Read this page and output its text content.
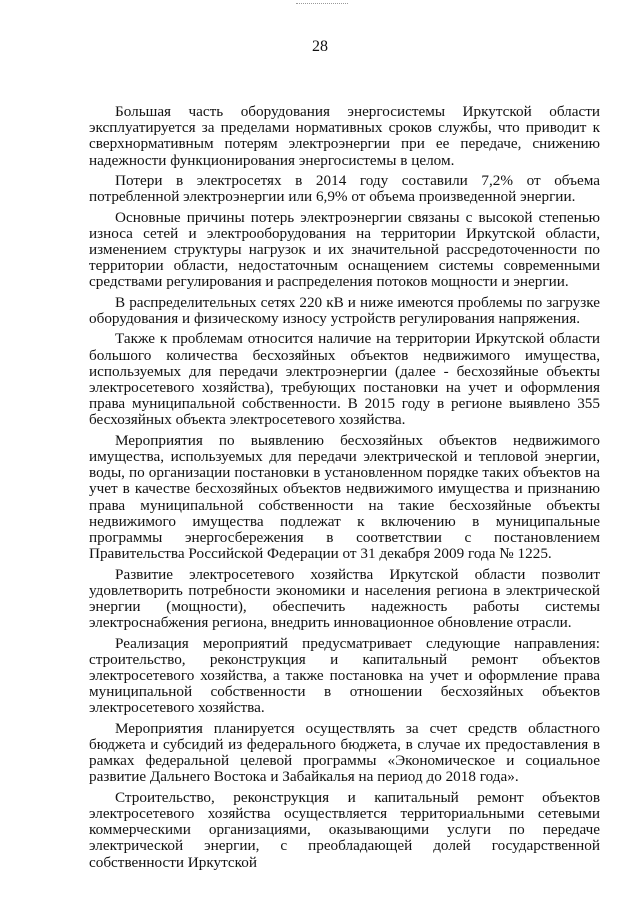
28

Большая часть оборудования энергосистемы Иркутской области эксплуатируется за пределами нормативных сроков службы, что приводит к сверхнормативным потерям электроэнергии при ее передаче, снижению надежности функционирования энергосистемы в целом.

Потери в электросетях в 2014 году составили 7,2% от объема потребленной электроэнергии или 6,9% от объема произведенной энергии.

Основные причины потерь электроэнергии связаны с высокой степенью износа сетей и электрооборудования на территории Иркутской области, изменением структуры нагрузок и их значительной рассредоточенности по территории области, недостаточным оснащением системы современными средствами регулирования и распределения потоков мощности и энергии.

В распределительных сетях 220 кВ и ниже имеются проблемы по загрузке оборудования и физическому износу устройств регулирования напряжения.

Также к проблемам относится наличие на территории Иркутской области большого количества бесхозяйных объектов недвижимого имущества, используемых для передачи электроэнергии (далее - бесхозяйные объекты электросетевого хозяйства), требующих постановки на учет и оформления права муниципальной собственности. В 2015 году в регионе выявлено 355 бесхозяйных объекта электросетевого хозяйства.

Мероприятия по выявлению бесхозяйных объектов недвижимого имущества, используемых для передачи электрической и тепловой энергии, воды, по организации постановки в установленном порядке таких объектов на учет в качестве бесхозяйных объектов недвижимого имущества и признанию права муниципальной собственности на такие бесхозяйные объекты недвижимого имущества подлежат к включению в муниципальные программы энергосбережения в соответствии с постановлением Правительства Российской Федерации от 31 декабря 2009 года № 1225.

Развитие электросетевого хозяйства Иркутской области позволит удовлетворить потребности экономики и населения региона в электрической энергии (мощности), обеспечить надежность работы системы электроснабжения региона, внедрить инновационное обновление отрасли.

Реализация мероприятий предусматривает следующие направления: строительство, реконструкция и капитальный ремонт объектов электросетевого хозяйства, а также постановка на учет и оформление права муниципальной собственности в отношении бесхозяйных объектов электросетевого хозяйства.

Мероприятия планируется осуществлять за счет средств областного бюджета и субсидий из федерального бюджета, в случае их предоставления в рамках федеральной целевой программы «Экономическое и социальное развитие Дальнего Востока и Забайкалья на период до 2018 года».

Строительство, реконструкция и капитальный ремонт объектов электросетевого хозяйства осуществляется территориальными сетевыми коммерческими организациями, оказывающими услуги по передаче электрической энергии, с преобладающей долей государственной собственности Иркутской
